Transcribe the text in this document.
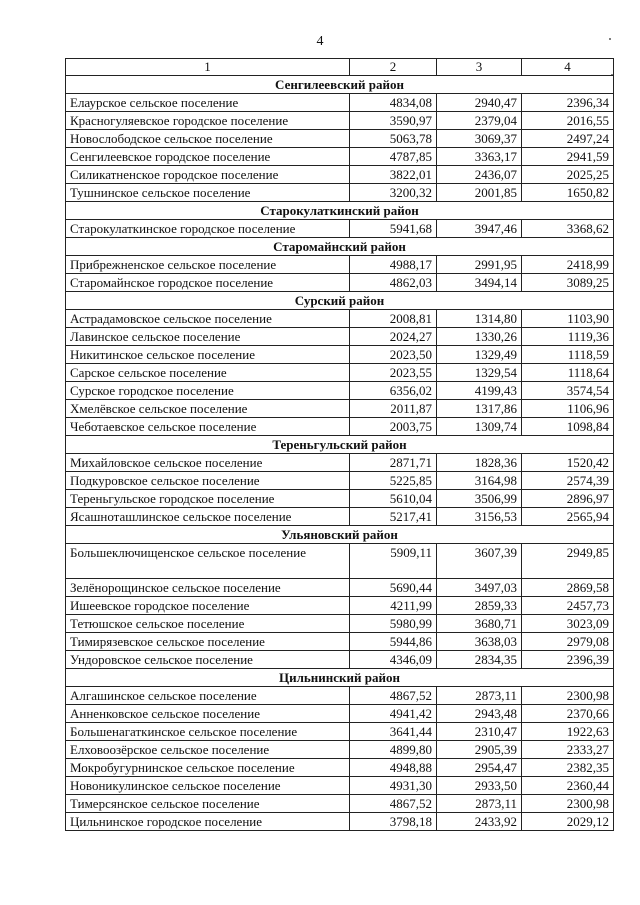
4
1	2	3	4
Сенгилеевский район			
Елаурское сельское поселение	4834,08	2940,47	2396,34
Красногуляевское городское поселение	3590,97	2379,04	2016,55
Новослободское сельское поселение	5063,78	3069,37	2497,24
Сенгилеевское городское поселение	4787,85	3363,17	2941,59
Силикатненское городское поселение	3822,01	2436,07	2025,25
Тушнинское сельское поселение	3200,32	2001,85	1650,82
Старокулаткинский район			
Старокулаткинское городское поселение	5941,68	3947,46	3368,62
Старомайнский район			
Прибрежненское сельское поселение	4988,17	2991,95	2418,99
Старомайнское городское поселение	4862,03	3494,14	3089,25
Сурский район			
Астрадамовское сельское поселение	2008,81	1314,80	1103,90
Лавинское сельское поселение	2024,27	1330,26	1119,36
Никитинское сельское поселение	2023,50	1329,49	1118,59
Сарское сельское поселение	2023,55	1329,54	1118,64
Сурское городское поселение	6356,02	4199,43	3574,54
Хмелёвское сельское поселение	2011,87	1317,86	1106,96
Чеботаевское сельское поселение	2003,75	1309,74	1098,84
Тереньгульский район			
Михайловское сельское поселение	2871,71	1828,36	1520,42
Подкуровское сельское поселение	5225,85	3164,98	2574,39
Тереньгульское городское поселение	5610,04	3506,99	2896,97
Ясашноташлинское сельское поселение	5217,41	3156,53	2565,94
Ульяновский район			
Большеключищенское сельское поселение	5909,11	3607,39	2949,85
Зелёнорощинское сельское поселение	5690,44	3497,03	2869,58
Ишеевское городское поселение	4211,99	2859,33	2457,73
Тетюшское сельское поселение	5980,99	3680,71	3023,09
Тимирязевское сельское поселение	5944,86	3638,03	2979,08
Ундоровское сельское поселение	4346,09	2834,35	2396,39
Цильнинский район			
Алгашинское сельское поселение	4867,52	2873,11	2300,98
Анненковское сельское поселение	4941,42	2943,48	2370,66
Большенагаткинское сельское поселение	3641,44	2310,47	1922,63
Елховоозёрское сельское поселение	4899,80	2905,39	2333,27
Мокробугурнинское сельское поселение	4948,88	2954,47	2382,35
Новоникулинское сельское поселение	4931,30	2933,50	2360,44
Тимерсянское сельское поселение	4867,52	2873,11	2300,98
Цильнинское городское поселение	3798,18	2433,92	2029,12
